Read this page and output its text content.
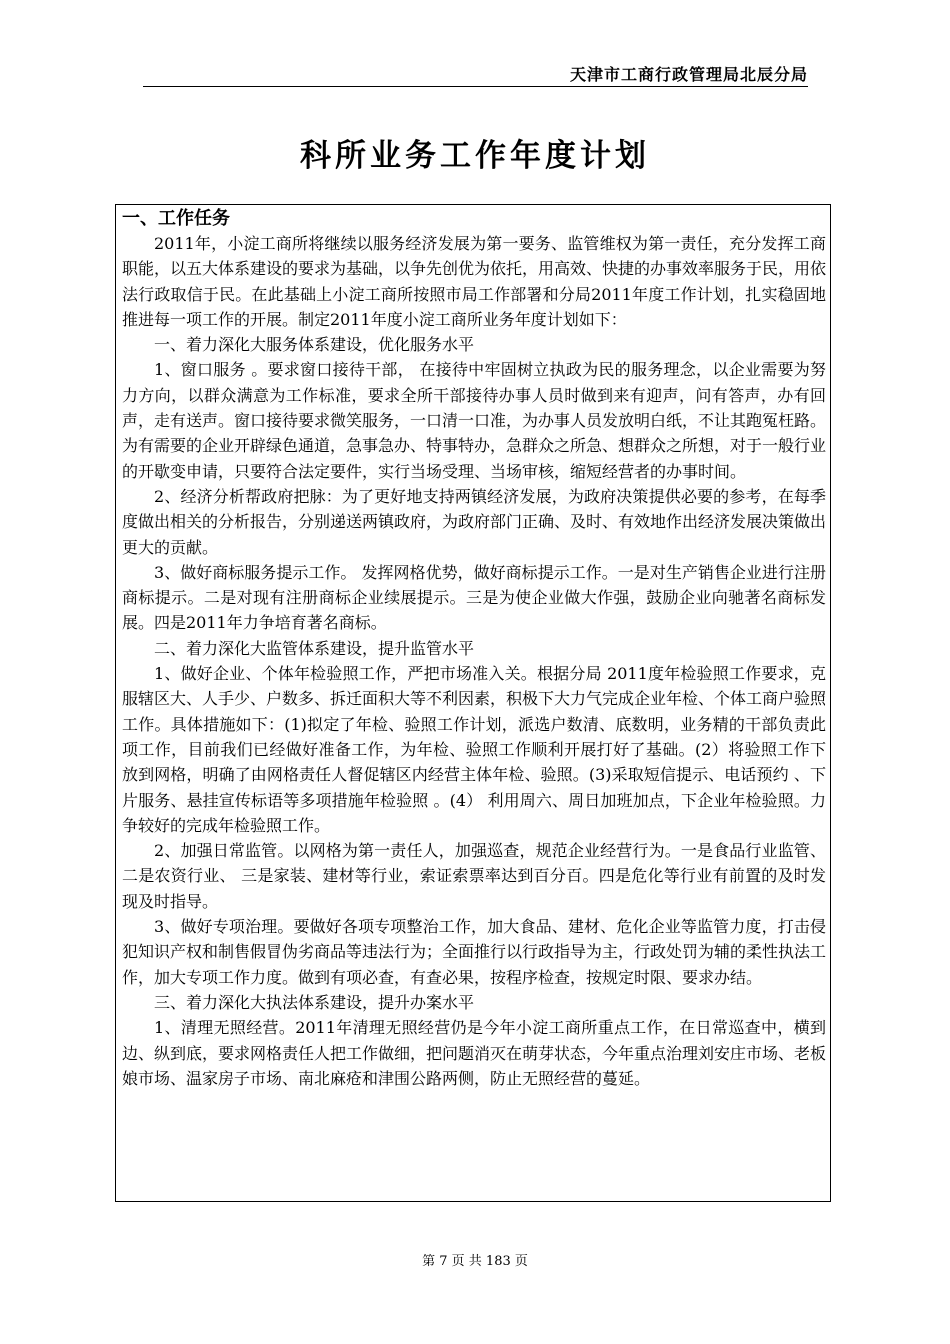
天津市工商行政管理局北辰分局
科所业务工作年度计划
一、工作任务

2011年，小淀工商所将继续以服务经济发展为第一要务、监管维权为第一责任，充分发挥工商职能，以五大体系建设的要求为基础，以争先创优为依托，用高效、快捷的办事效率服务于民，用依法行政取信于民。在此基础上小淀工商所按照市局工作部署和分局2011年度工作计划，扎实稳固地推进每一项工作的开展。制定2011年度小淀工商所业务年度计划如下：

一、着力深化大服务体系建设，优化服务水平

1、窗口服务 。要求窗口接待干部， 在接待中牢固树立执政为民的服务理念，以企业需要为努力方向，以群众满意为工作标准，要求全所干部接待办事人员时做到来有迎声，问有答声，办有回声，走有送声。窗口接待要求微笑服务，一口清一口准，为办事人员发放明白纸，不让其跑冤枉路。为有需要的企业开辟绿色通道，急事急办、特事特办，急群众之所急、想群众之所想，对于一般行业的开歇变申请，只要符合法定要件，实行当场受理、当场审核，缩短经营者的办事时间。

2、经济分析帮政府把脉：为了更好地支持两镇经济发展，为政府决策提供必要的参考，在每季度做出相关的分析报告，分别递送两镇政府，为政府部门正确、及时、有效地作出经济发展决策做出更大的贡献。

3、做好商标服务提示工作。 发挥网格优势，做好商标提示工作。一是对生产销售企业进行注册商标提示。二是对现有注册商标企业续展提示。三是为使企业做大作强，鼓励企业向驰著名商标发展。四是2011年力争培育著名商标。

二、着力深化大监管体系建设，提升监管水平

1、做好企业、个体年检验照工作，严把市场准入关。根据分局 2011度年检验照工作要求，克服辖区大、人手少、户数多、拆迁面积大等不利因素，积极下大力气完成企业年检、个体工商户验照工作。具体措施如下：(1)拟定了年检、验照工作计划，派选户数清、底数明，业务精的干部负责此项工作，目前我们已经做好准备工作，为年检、验照工作顺利开展打好了基础。(2）将验照工作下放到网格，明确了由网格责任人督促辖区内经营主体年检、验照。(3)采取短信提示、电话预约 、下片服务、悬挂宣传标语等多项措施年检验照 。(4） 利用周六、周日加班加点，下企业年检验照。力争较好的完成年检验照工作。

2、加强日常监管。以网格为第一责任人，加强巡查，规范企业经营行为。一是食品行业监管、 二是农资行业、 三是家装、建材等行业，索证索票率达到百分百。四是危化等行业有前置的及时发现及时指导。

3、做好专项治理。要做好各项专项整治工作，加大食品、建材、危化企业等监管力度，打击侵犯知识产权和制售假冒伪劣商品等违法行为；全面推行以行政指导为主，行政处罚为辅的柔性执法工作，加大专项工作力度。做到有项必查，有查必果，按程序检查，按规定时限、要求办结。

三、着力深化大执法体系建设，提升办案水平

1、清理无照经营。2011年清理无照经营仍是今年小淀工商所重点工作，在日常巡查中，横到边、纵到底，要求网格责任人把工作做细，把问题消灭在萌芽状态，今年重点治理刘安庄市场、老板娘市场、温家房子市场、南北麻疮和津围公路两侧，防止无照经营的蔓延。

第 7 页 共 183 页
